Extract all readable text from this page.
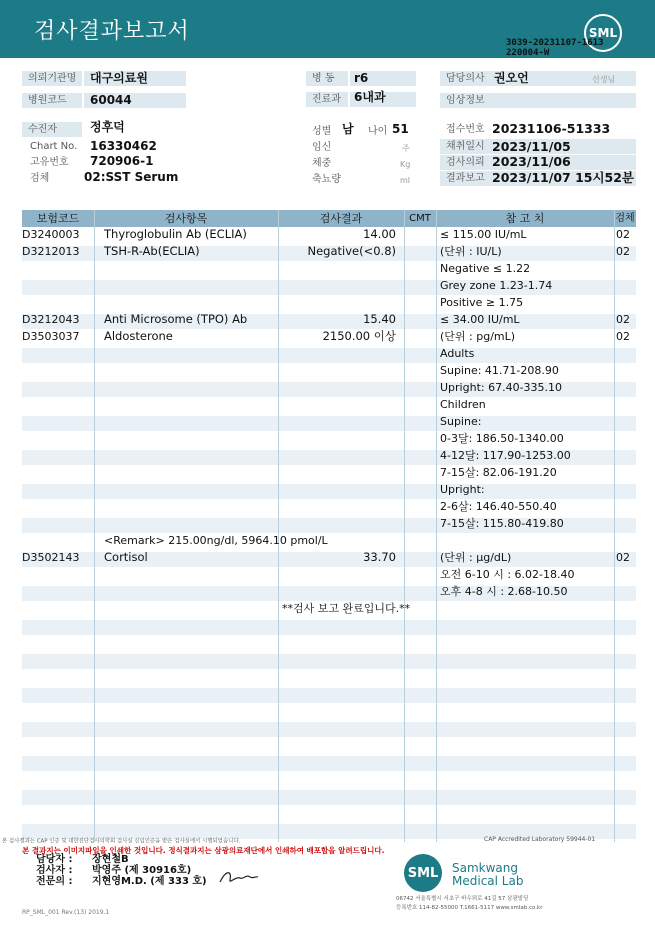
검사결과보고서	SML
3039-20231107-1613
220004-W
의뢰기관명	대구의료원
병원코드	60044
병 동	r6
진료과	6내과
담당의사 권오언	선생님
임상정보
수진자	정후덕
Chart No. 16330462
고유번호 720906-1
검체	02:SST Serum
성별 남 나이 51
임신	주
체중	Kg
축뇨량	ml
접수번호 20231106-51333
채취일시 2023/11/05
검사의뢰 2023/11/06
결과보고 2023/11/07 15시52분
보험코드	검사항목	검사결과	CMT	참 고 치	검체
D3240003	Thyroglobulin Ab (ECLIA)	14.00	≤ 115.00 IU/mL	02
D3212013	TSH-R-Ab(ECLIA)	Negative(<0.8)	(단위 : IU/L)	02
Negative ≤ 1.22
Grey zone 1.23-1.74
Positive ≥ 1.75
D3212043	Anti Microsome (TPO) Ab	15.40	≤ 34.00 IU/mL	02
D3503037	Aldosterone	2150.00 이상	(단위 : pg/mL)	02
Adults
Supine: 41.71-208.90
Upright: 67.40-335.10
Children
Supine:
0-3달: 186.50-1340.00
4-12달: 117.90-1253.00
7-15살: 82.06-191.20
Upright:
2-6살: 146.40-550.40
7-15살: 115.80-419.80
<Remark> 215.00ng/dl, 5964.10 pmol/L
D3502143	Cortisol	33.70	(단위 : μg/dL)	02
오전 6-10 시 : 6.02-18.40
오후 4-8 시 : 2.68-10.50
**검사 보고 완료입니다.**
본 검사결과는 CAP 인증 및 대한진단검사의학회 검사실 신임인증을 받은 검사실에서 시행되었습니다.	CAP Accredited Laboratory 59944-01
본 결과지는 이미지파일을 인쇄한 것입니다. 정식결과지는 삼광의료재단에서 인쇄하여 배포함을 알려드립니다.
담당자 : 장현철B
검사자 : 박영주 (제 30916호)
전문의 : 지현영M.D. (제 333 호)
SML	Samkwang
Medical Lab
06742 서울특별시 서초구 바우뫼로 41길 57 삼광빌딩
등록번호 114-82-55000 T.1661-5117 www.smlab.co.kr
RP_SML_001 Rev.(13) 2019.1
